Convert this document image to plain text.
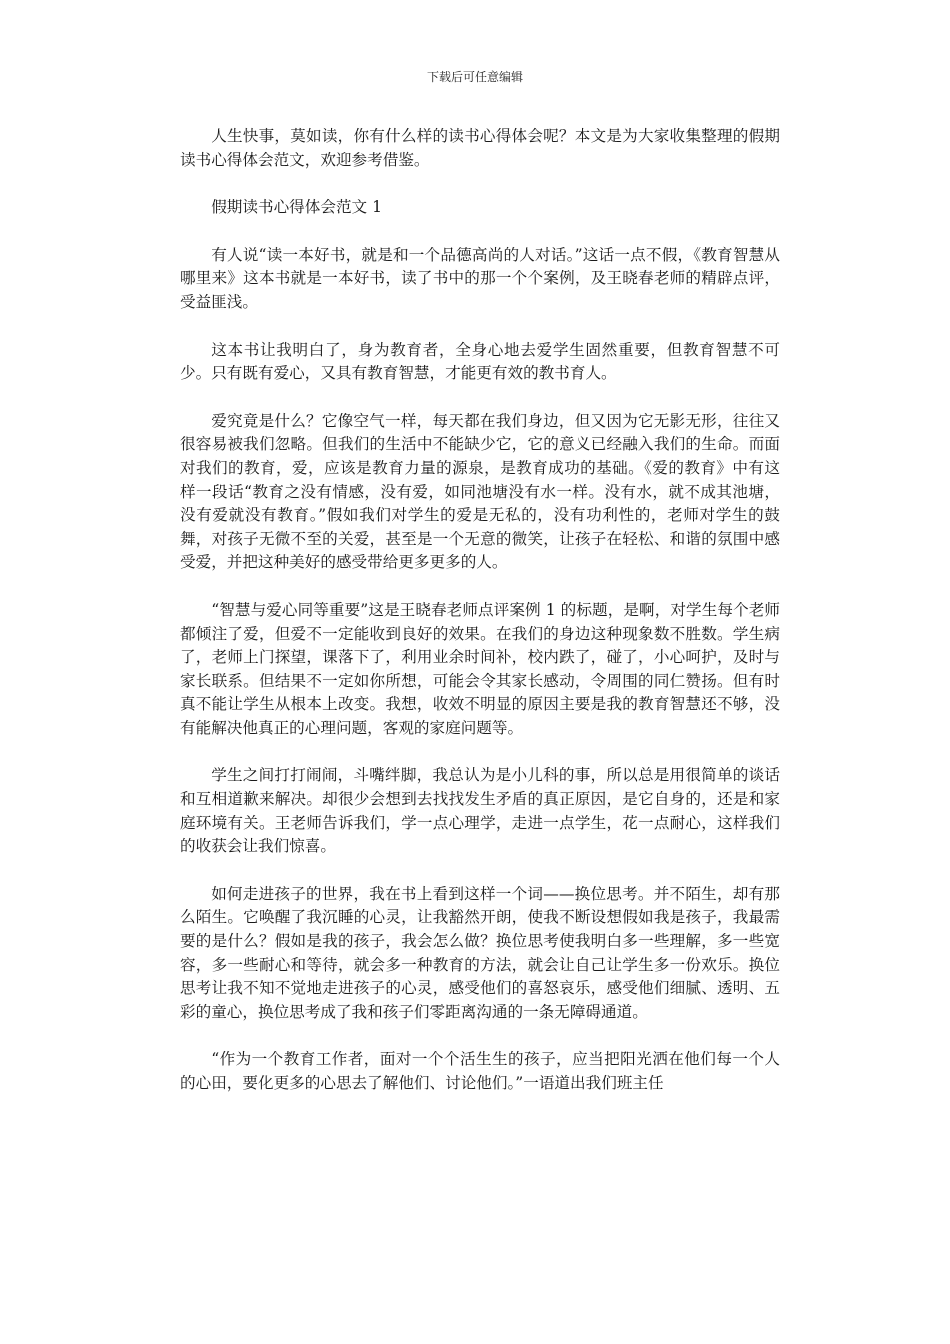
下载后可任意编辑

人生快事，莫如读，你有什么样的读书心得体会呢？本文是为大家收集整理的假期读书心得体会范文，欢迎参考借鉴。

假期读书心得体会范文 1

有人说“读一本好书，就是和一个品德高尚的人对话。”这话一点不假，《教育智慧从哪里来》这本书就是一本好书，读了书中的那一个个案例，及王晓春老师的精辟点评，受益匪浅。

这本书让我明白了，身为教育者，全身心地去爱学生固然重要，但教育智慧不可少。只有既有爱心，又具有教育智慧，才能更有效的教书育人。

爱究竟是什么？它像空气一样，每天都在我们身边，但又因为它无影无形，往往又很容易被我们忽略。但我们的生活中不能缺少它，它的意义已经融入我们的生命。而面对我们的教育，爱，应该是教育力量的源泉，是教育成功的基础。《爱的教育》中有这样一段话“教育之没有情感，没有爱，如同池塘没有水一样。没有水，就不成其池塘，没有爱就没有教育。”假如我们对学生的爱是无私的，没有功利性的，老师对学生的鼓舞，对孩子无微不至的关爱，甚至是一个无意的微笑，让孩子在轻松、和谐的氛围中感受爱，并把这种美好的感受带给更多更多的人。

“智慧与爱心同等重要”这是王晓春老师点评案例 1 的标题，是啊，对学生每个老师都倾注了爱，但爱不一定能收到良好的效果。在我们的身边这种现象数不胜数。学生病了，老师上门探望，课落下了，利用业余时间补，校内跌了，碰了，小心呵护，及时与家长联系。但结果不一定如你所想，可能会令其家长感动，令周围的同仁赞扬。但有时真不能让学生从根本上改变。我想，收效不明显的原因主要是我的教育智慧还不够，没有能解决他真正的心理问题，客观的家庭问题等。

学生之间打打闹闹，斗嘴绊脚，我总认为是小儿科的事，所以总是用很简单的谈话和互相道歉来解决。却很少会想到去找找发生矛盾的真正原因，是它自身的，还是和家庭环境有关。王老师告诉我们，学一点心理学，走进一点学生，花一点耐心，这样我们的收获会让我们惊喜。

如何走进孩子的世界，我在书上看到这样一个词——换位思考。并不陌生，却有那么陌生。它唤醒了我沉睡的心灵，让我豁然开朗，使我不断设想假如我是孩子，我最需要的是什么？假如是我的孩子，我会怎么做？换位思考使我明白多一些理解，多一些宽容，多一些耐心和等待，就会多一种教育的方法，就会让自己让学生多一份欢乐。换位思考让我不知不觉地走进孩子的心灵，感受他们的喜怒哀乐，感受他们细腻、透明、五彩的童心，换位思考成了我和孩子们零距离沟通的一条无障碍通道。

“作为一个教育工作者，面对一个个活生生的孩子，应当把阳光洒在他们每一个人的心田，要化更多的心思去了解他们、讨论他们。”一语道出我们班主任
